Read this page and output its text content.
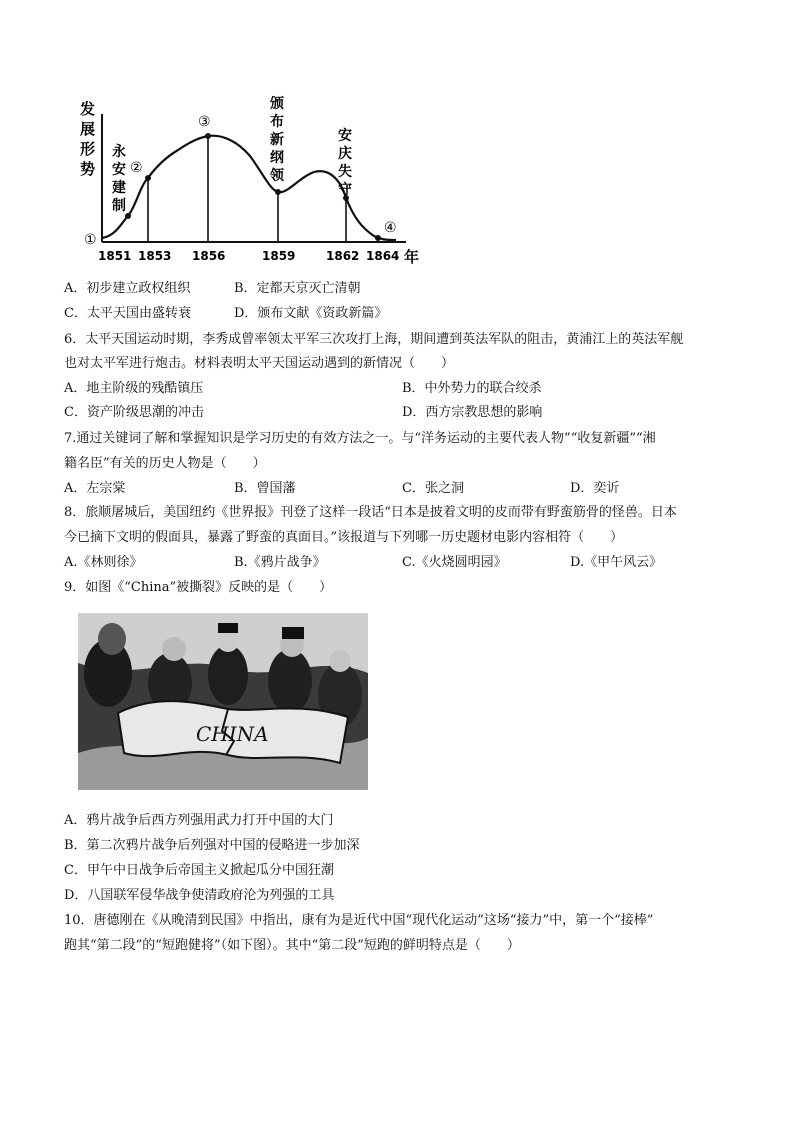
发
展
形
势
①
②
③
④
永
安
建
制
颁
布
新
纲
领
安
庆
失
守
1851 1853 1856	1859	1862 1864 年
A．初步建立政权组织	B．定都天京灭亡清朝
C．太平天国由盛转衰	D．颁布文献《资政新篇》
6．太平天国运动时期，李秀成曾率领太平军三次攻打上海，期间遭到英法军队的阻击，黄浦江上的英法军舰
也对太平军进行炮击。材料表明太平天国运动遇到的新情况（　　）
A．地主阶级的残酷镇压	B．中外势力的联合绞杀
C．资产阶级思潮的冲击	D．西方宗教思想的影响
7.通过关键词了解和掌握知识是学习历史的有效方法之一。与“洋务运动的主要代表人物”“收复新疆”“湘
籍名臣”有关的历史人物是（　　）
A．左宗棠	B．曾国藩	C．张之洞	D．奕䜣
8．旅顺屠城后，美国纽约《世界报》刊登了这样一段话“日本是披着文明的皮而带有野蛮筋骨的怪兽。日本
今已摘下文明的假面具，暴露了野蛮的真面目。”该报道与下列哪一历史题材电影内容相符（　　）
A.《林则徐》	B.《鸦片战争》	C.《火烧圆明园》	D.《甲午风云》
9．如图《“China”被撕裂》反映的是（　　）
CHINA
A．鸦片战争后西方列强用武力打开中国的大门
B．第二次鸦片战争后列强对中国的侵略进一步加深
C．甲午中日战争后帝国主义掀起瓜分中国狂潮
D．八国联军侵华战争使清政府沦为列强的工具
10．唐德刚在《从晚清到民国》中指出，康有为是近代中国“现代化运动”这场“接力”中，第一个“接棒”
跑其“第二段”的“短跑健将”（如下图）。其中“第二段”短跑的鲜明特点是（　　）
